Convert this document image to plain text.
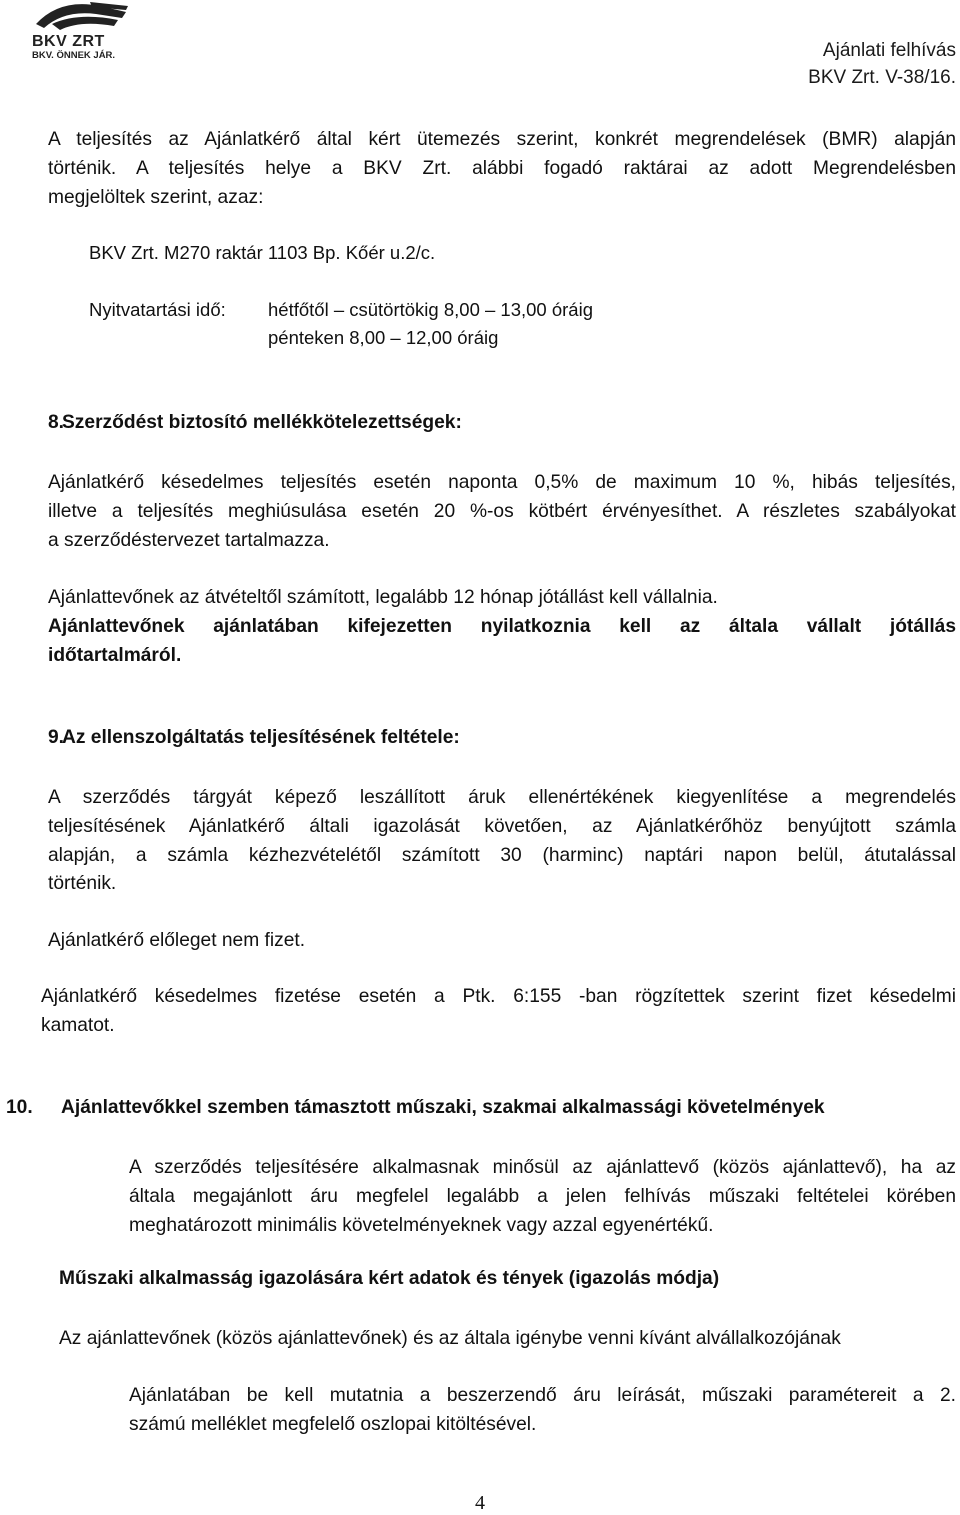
BKV ZRT
BKV. ÖNNEK JÁR.	Ajánlati felhívás
BKV Zrt. V-38/16.
A teljesítés az Ajánlatkérő által kért ütemezés szerint, konkrét megrendelések (BMR) alapján
történik. A teljesítés helye a BKV Zrt. alábbi fogadó raktárai az adott Megrendelésben
megjelöltek szerint, azaz:
BKV Zrt. M270 raktár 1103 Bp. Kőér u.2/c.
Nyitvatartási idő: hétfőtől – csütörtökig 8,00 – 13,00 óráig
pénteken 8,00 – 12,00 óráig
8.
Szerződést biztosító mellékkötelezettségek:
Ajánlatkérő késedelmes teljesítés esetén naponta 0,5% de maximum 10 %, hibás teljesítés,
illetve a teljesítés meghiúsulása esetén 20 %-os kötbért érvényesíthet. A részletes szabályokat
a szerződéstervezet tartalmazza.
Ajánlattevőnek az átvételtől számított, legalább 12 hónap jótállást kell vállalnia.
Ajánlattevőnek ajánlatában kifejezetten nyilatkoznia kell az általa vállalt jótállás
időtartalmáról.
9.
Az ellenszolgáltatás teljesítésének feltétele:
A szerződés tárgyát képező leszállított áruk ellenértékének kiegyenlítése a megrendelés
teljesítésének Ajánlatkérő általi igazolását követően, az Ajánlatkérőhöz benyújtott számla
alapján, a számla kézhezvételétől számított 30 (harminc) naptári napon belül, átutalással
történik.
Ajánlatkérő előleget nem fizet.
Ajánlatkérő késedelmes fizetése esetén a Ptk. 6:155 -ban rögzítettek szerint fizet késedelmi
kamatot.
10. Ajánlattevőkkel szemben támasztott műszaki, szakmai alkalmassági követelmények
A szerződés teljesítésére alkalmasnak minősül az ajánlattevő (közös ajánlattevő), ha az
általa megajánlott áru megfelel legalább a jelen felhívás műszaki feltételei körében
meghatározott minimális követelményeknek vagy azzal egyenértékű.
Műszaki alkalmasság igazolására kért adatok és tények (igazolás módja)
Az ajánlattevőnek (közös ajánlattevőnek) és az általa igénybe venni kívánt alvállalkozójának
Ajánlatában be kell mutatnia a beszerzendő áru leírását, műszaki paramétereit a 2.
számú melléklet megfelelő oszlopai kitöltésével.
4
